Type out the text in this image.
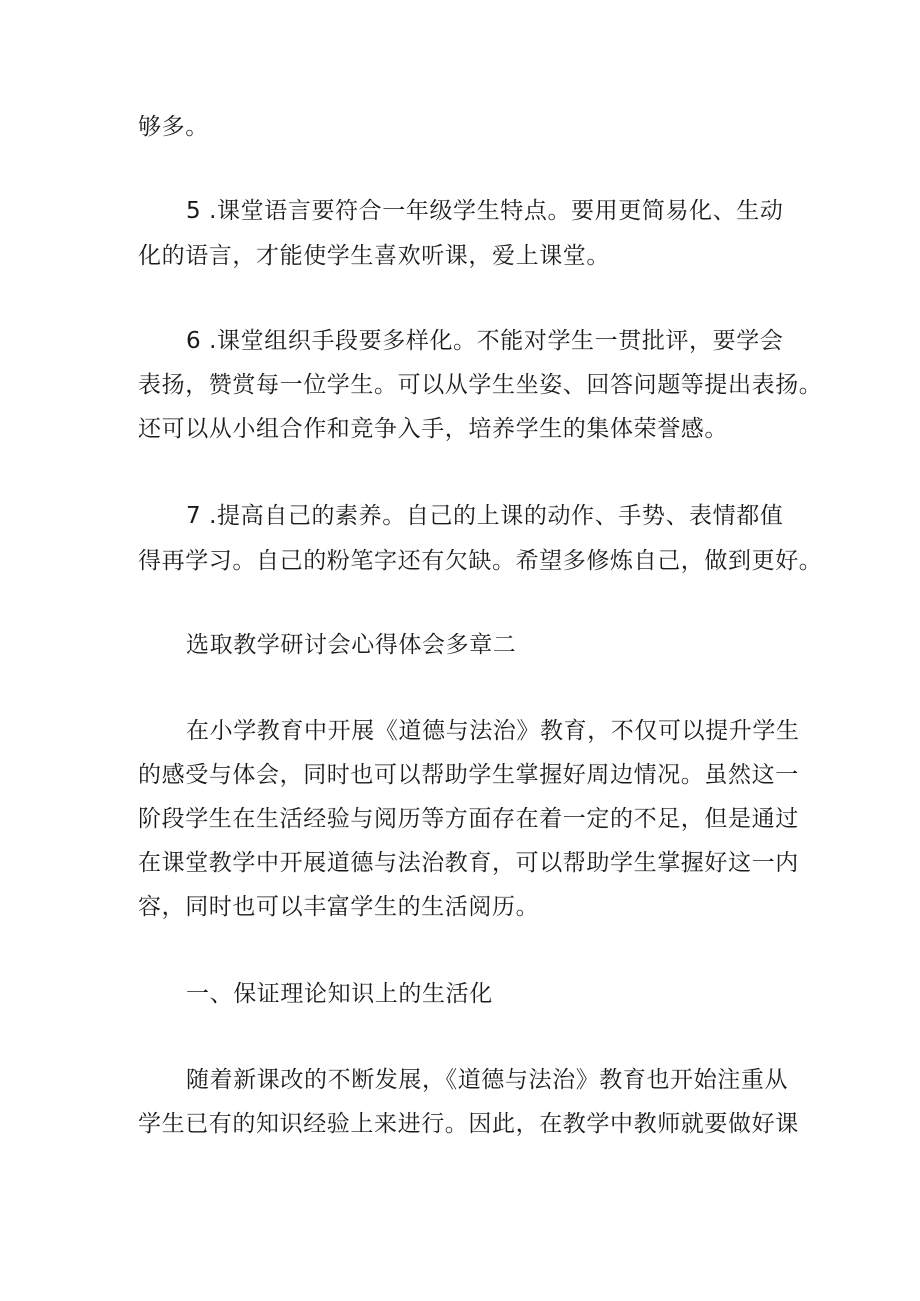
够多。

5 .课堂语言要符合一年级学生特点。要用更简易化、生动

化的语言，才能使学生喜欢听课，爱上课堂。

6 .课堂组织手段要多样化。不能对学生一贯批评，要学会

表扬，赞赏每一位学生。可以从学生坐姿、回答问题等提出表扬。

还可以从小组合作和竞争入手，培养学生的集体荣誉感。

7 .提高自己的素养。自己的上课的动作、手势、表情都值

得再学习。自己的粉笔字还有欠缺。希望多修炼自己，做到更好。

选取教学研讨会心得体会多章二

在小学教育中开展《道德与法治》教育，不仅可以提升学生

的感受与体会，同时也可以帮助学生掌握好周边情况。虽然这一

阶段学生在生活经验与阅历等方面存在着一定的不足，但是通过

在课堂教学中开展道德与法治教育，可以帮助学生掌握好这一内

容，同时也可以丰富学生的生活阅历。

一、保证理论知识上的生活化

随着新课改的不断发展，《道德与法治》教育也开始注重从

学生已有的知识经验上来进行。因此，在教学中教师就要做好课
